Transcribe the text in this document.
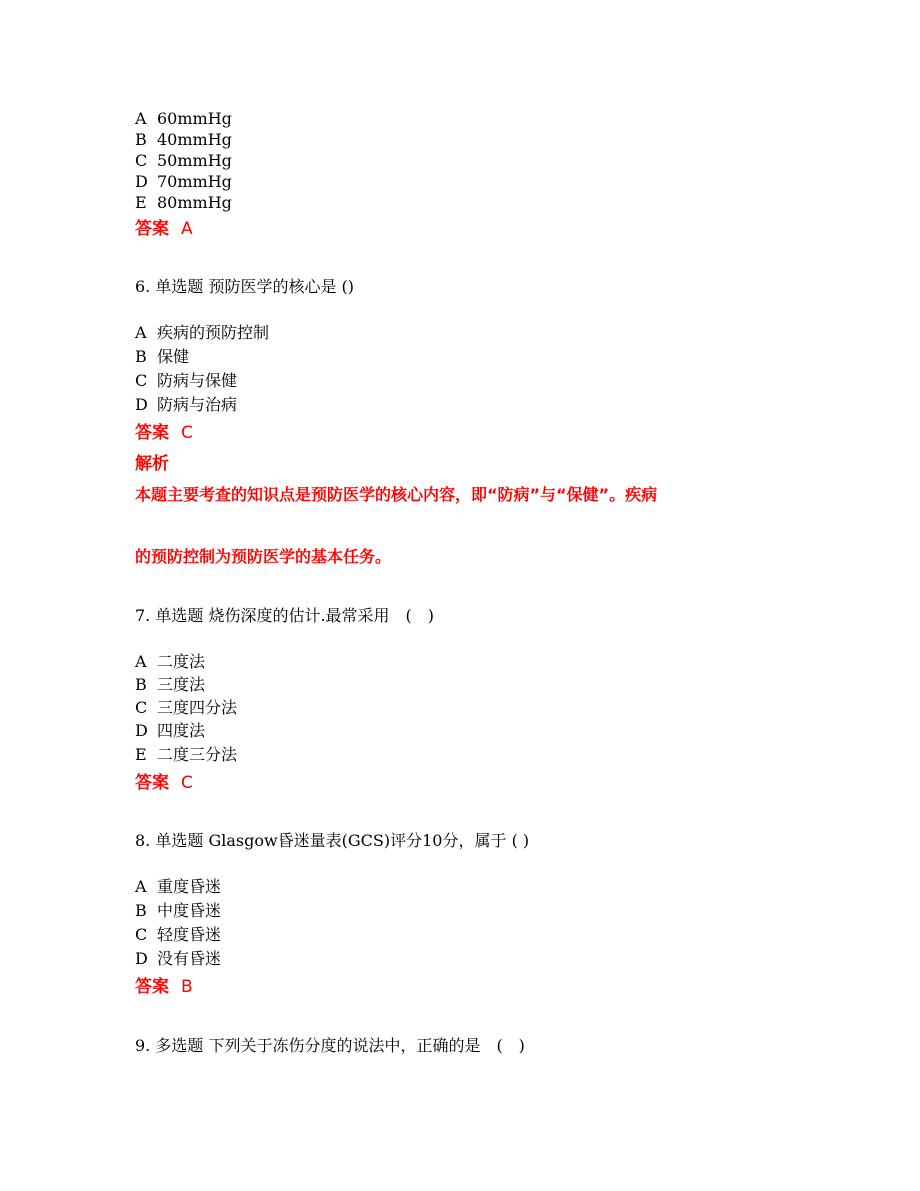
A 60mmHg
B 40mmHg
C 50mmHg
D 70mmHg
E 80mmHg
答案 A
6. 单选题 预防医学的核心是 ()
A 疾病的预防控制
B 保健
C 防病与保健
D 防病与治病
答案 C
解析
本题主要考查的知识点是预防医学的核心内容，即“防病”与“保健”。疾病
的预防控制为预防医学的基本任务。
7. 单选题 烧伤深度的估计.最常采用　(　)
A 二度法
B 三度法
C 三度四分法
D 四度法
E 二度三分法
答案 C
8. 单选题 Glasgow昏迷量表(GCS)评分10分，属于 ( )
A 重度昏迷
B 中度昏迷
C 轻度昏迷
D 没有昏迷
答案 B
9. 多选题 下列关于冻伤分度的说法中，正确的是　(　)
